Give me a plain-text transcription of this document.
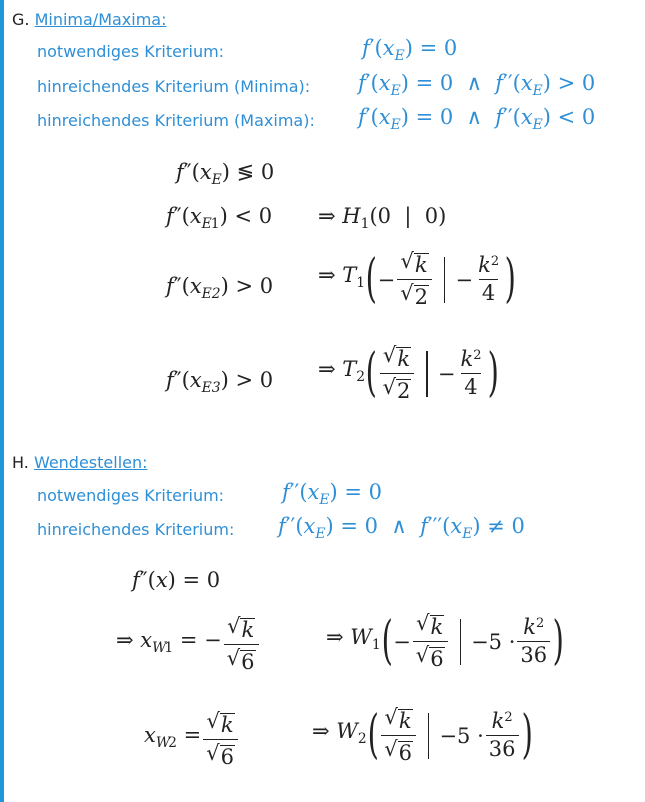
G. Minima/Maxima:
notwendiges Kriterium:	$f'(x_E) = 0$
hinreichendes Kriterium (Minima): $f'(x_E) = 0$  ∧  $f''(x_E) > 0$
hinreichendes Kriterium (Maxima): $f'(x_E) = 0$  ∧  $f''(x_E) < 0$
$f''(x_E)$ ≶ 0
$f''(x_{E1}) < 0$ ⇒ $H_1(0$  |  0)
$f''(x_{E2}) > 0$ ⇒ $T_1$ ( − $\frac{√ k}{√ 2} - \frac{k^2}{4}$ )
$f''(x_{E3}) > 0$ ⇒ $T_2$ ( $\frac{√ k}{√ 2} - \frac{k^2}{4}$ )
H. Wendestellen:
notwendiges Kriterium:	$f''(x_E) = 0$
hinreichendes Kriterium: $f''(x_E) = 0$  ∧  $f'''(x_E) \ne 0$
f″(x) = 0
⇒ $x_{W1}$ = − $\frac{√ k}{√ 6}$	⇒ $W_1$ ( − $\frac{√ k}{√ 6} -5 \cdot \frac{k^2}{36}$ )
$x_{W2} = \frac{√ k}{√ 6}$	⇒ $W_2$ ( $\frac{√ k}{√ 6} -5 \cdot \frac{k^2}{36}$ )
